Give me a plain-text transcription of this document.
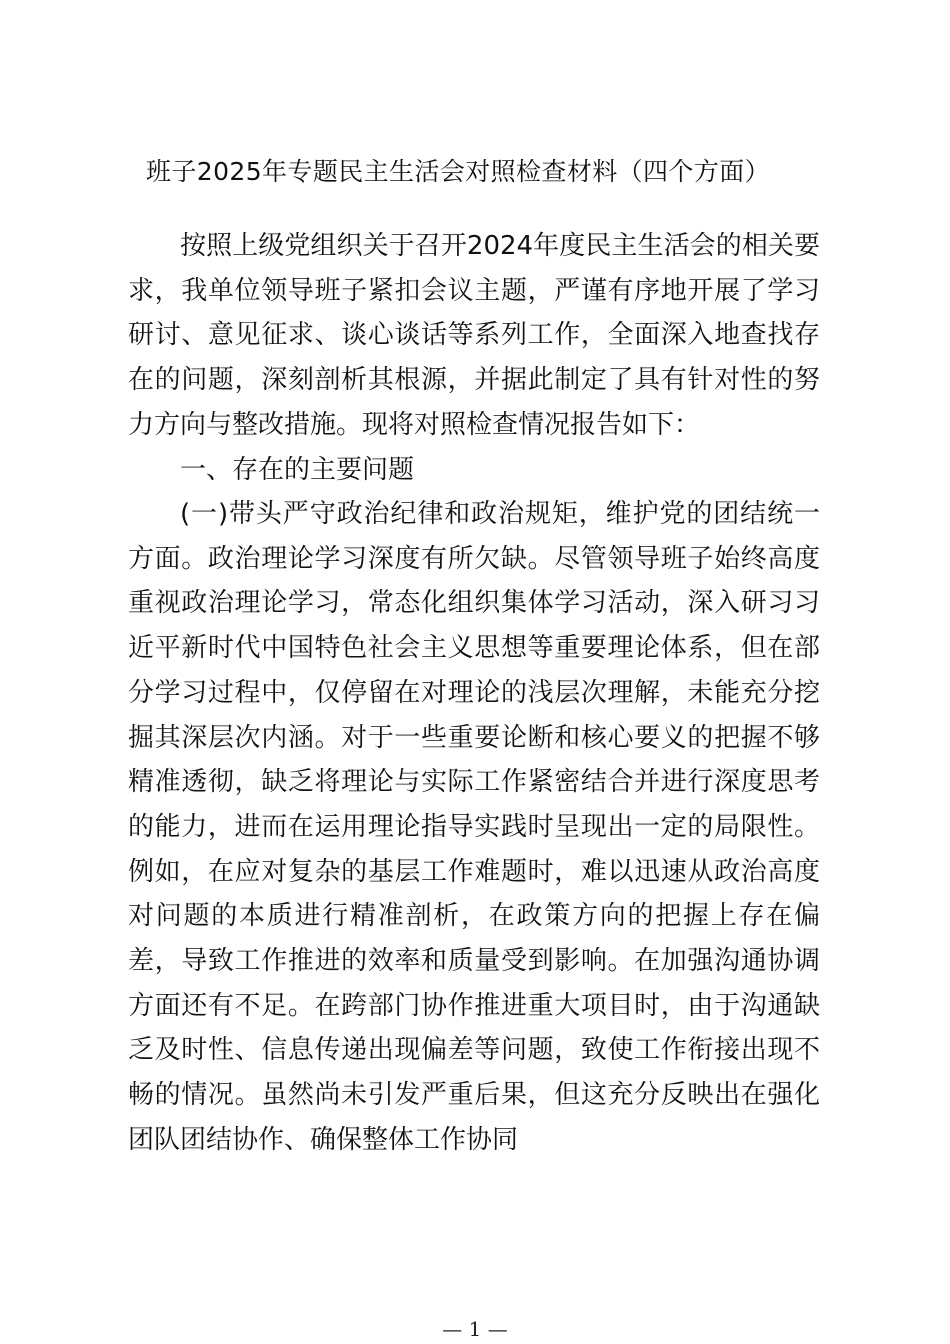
班子2025年专题民主生活会对照检查材料（四个方面）

按照上级党组织关于召开2024年度民主生活会的相关要求，我单位领导班子紧扣会议主题，严谨有序地开展了学习研讨、意见征求、谈心谈话等系列工作，全面深入地查找存在的问题，深刻剖析其根源，并据此制定了具有针对性的努力方向与整改措施。现将对照检查情况报告如下：

一、存在的主要问题

(一)带头严守政治纪律和政治规矩，维护党的团结统一方面。政治理论学习深度有所欠缺。尽管领导班子始终高度重视政治理论学习，常态化组织集体学习活动，深入研习习近平新时代中国特色社会主义思想等重要理论体系，但在部分学习过程中，仅停留在对理论的浅层次理解，未能充分挖掘其深层次内涵。对于一些重要论断和核心要义的把握不够精准透彻，缺乏将理论与实际工作紧密结合并进行深度思考的能力，进而在运用理论指导实践时呈现出一定的局限性。例如，在应对复杂的基层工作难题时，难以迅速从政治高度对问题的本质进行精准剖析，在政策方向的把握上存在偏差，导致工作推进的效率和质量受到影响。在加强沟通协调方面还有不足。在跨部门协作推进重大项目时，由于沟通缺乏及时性、信息传递出现偏差等问题，致使工作衔接出现不畅的情况。虽然尚未引发严重后果，但这充分反映出在强化团队团结协作、确保整体工作协同

— 1 —
